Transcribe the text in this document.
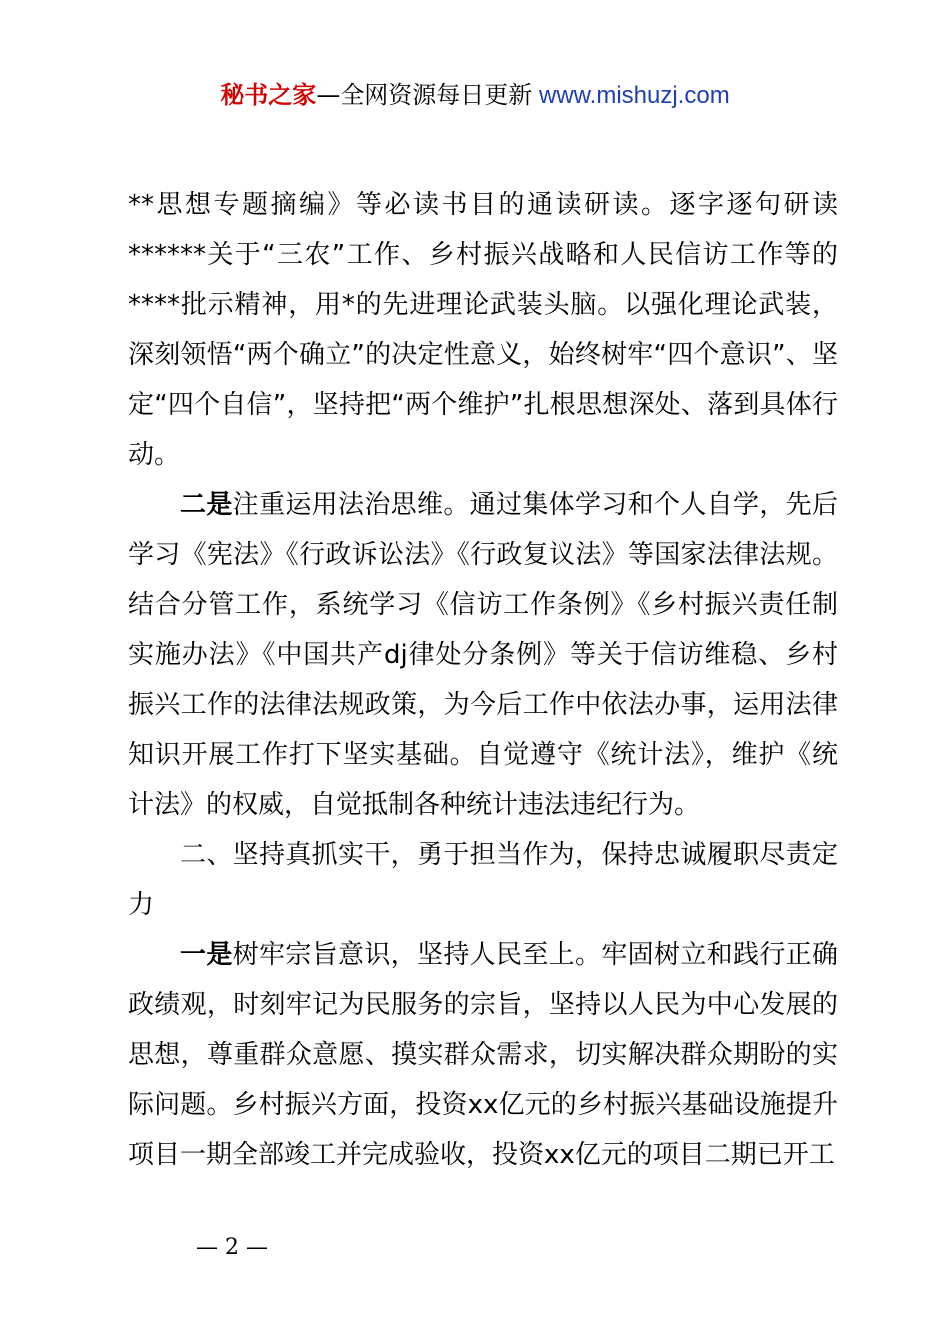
秘书之家—全网资源每日更新 www.mishuzj.com

**思想专题摘编》等必读书目的通读研读。逐字逐句研读******关于“三农”工作、乡村振兴战略和人民信访工作等的****批示精神，用*的先进理论武装头脑。以强化理论武装，深刻领悟“两个确立”的决定性意义，始终树牢“四个意识”、坚定“四个自信”，坚持把“两个维护”扎根思想深处、落到具体行动。

二是注重运用法治思维。通过集体学习和个人自学，先后学习《宪法》《行政诉讼法》《行政复议法》等国家法律法规。结合分管工作，系统学习《信访工作条例》《乡村振兴责任制实施办法》《中国共产dj律处分条例》等关于信访维稳、乡村振兴工作的法律法规政策，为今后工作中依法办事，运用法律知识开展工作打下坚实基础。自觉遵守《统计法》，维护《统计法》的权威，自觉抵制各种统计违法违纪行为。

二、坚持真抓实干，勇于担当作为，保持忠诚履职尽责定力

一是树牢宗旨意识，坚持人民至上。牢固树立和践行正确政绩观，时刻牢记为民服务的宗旨，坚持以人民为中心发展的思想，尊重群众意愿、摸实群众需求，切实解决群众期盼的实际问题。乡村振兴方面，投资xx亿元的乡村振兴基础设施提升项目一期全部竣工并完成验收，投资xx亿元的项目二期已开工

— 2 —
